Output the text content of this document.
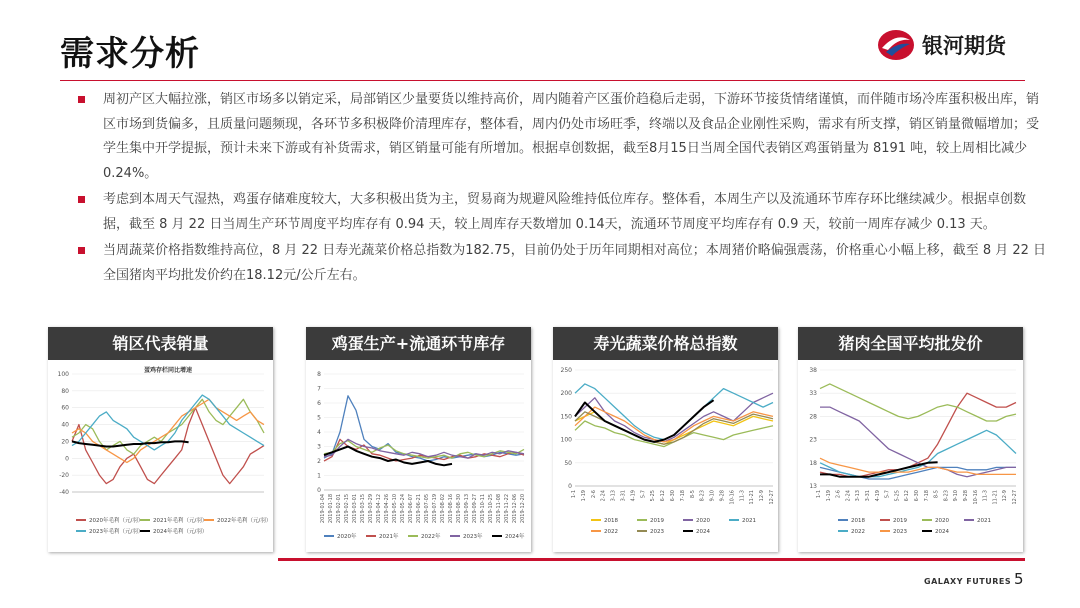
需求分析	银河期货
周初产区大幅拉涨，销区市场多以销定采，局部销区少量要货以维持高价，周内随着产区蛋价趋稳后走弱，下游环节接货情绪谨慎，而伴随市场冷库蛋积极出库，销区市场到货偏多，且质量问题频现，各环节多积极降价清理库存，整体看，周内仍处市场旺季，终端以及食品企业刚性采购，需求有所支撑，销区销量微幅增加；受学生集中开学提振，预计未来下游或有补货需求，销区销量可能有所增加。根据卓创数据，截至8月15日当周全国代表销区鸡蛋销量为 8191 吨，较上周相比减少0.24%。
考虑到本周天气湿热，鸡蛋存储难度较大，大多积极出货为主，贸易商为规避风险维持低位库存。整体看，本周生产以及流通环节库存环比继续减少。根据卓创数据，截至 8 月 22 日当周生产环节周度平均库存有 0.94 天，较上周库存天数增加 0.14天，流通环节周度平均库存有 0.9 天，较前一周库存减少 0.13 天。
当周蔬菜价格指数维持高位，8 月 22 日寿光蔬菜价格总指数为182.75，目前仍处于历年同期相对高位；本周猪价略偏强震荡，价格重心小幅上移，截至 8 月 22 日全国猪肉平均批发价约在18.12元/公斤左右。
销区代表销量
蛋鸡存栏同比增速
-40
-20
0
20
40
60
80
100
2020年毛利（元/羽） 2021年毛利（元/羽） 2022年毛利（元/羽）
2023年毛利（元/羽） 2024年毛利（元/羽）
鸡蛋生产+流通环节库存
0
1
2
3
4
5
6
7
8
2019-01-04 2019-01-18 2019-02-01 2019-02-15 2019-03-01 2019-03-15 2019-03-29 2019-04-12 2019-04-26 2019-05-10 2019-05-24 2019-06-07 2019-06-21 2019-07-05 2019-07-19 2019-08-02 2019-08-16 2019-08-30 2019-09-13 2019-09-27 2019-10-11 2019-10-25 2019-11-08 2019-11-22 2019-12-06 2019-12-20
2020年	2021年	2022年	2023年	2024年
寿光蔬菜价格总指数
0
50
100
150
200
250
1-1 1-19 2-6 2-24 3-13 3-31 4-19 5-7 5-25 6-12 6-30 7-18 8-5 8-23 9-10 9-28 10-16 11-3 11-21 12-9 12-27
2018	2019	2020	2021
2022	2023	2024
猪肉全国平均批发价
13
18
23
28
33
38
1-1 1-19 2-6 2-24 3-13 3-31 4-19 5-7 5-25 6-12 6-30 7-18 8-5 8-23 9-10 9-28 10-16 11-3 11-21 12-9 12-27
2018	2019	2020	2021
2022	2023	2024
GALAXY FUTURES 5
